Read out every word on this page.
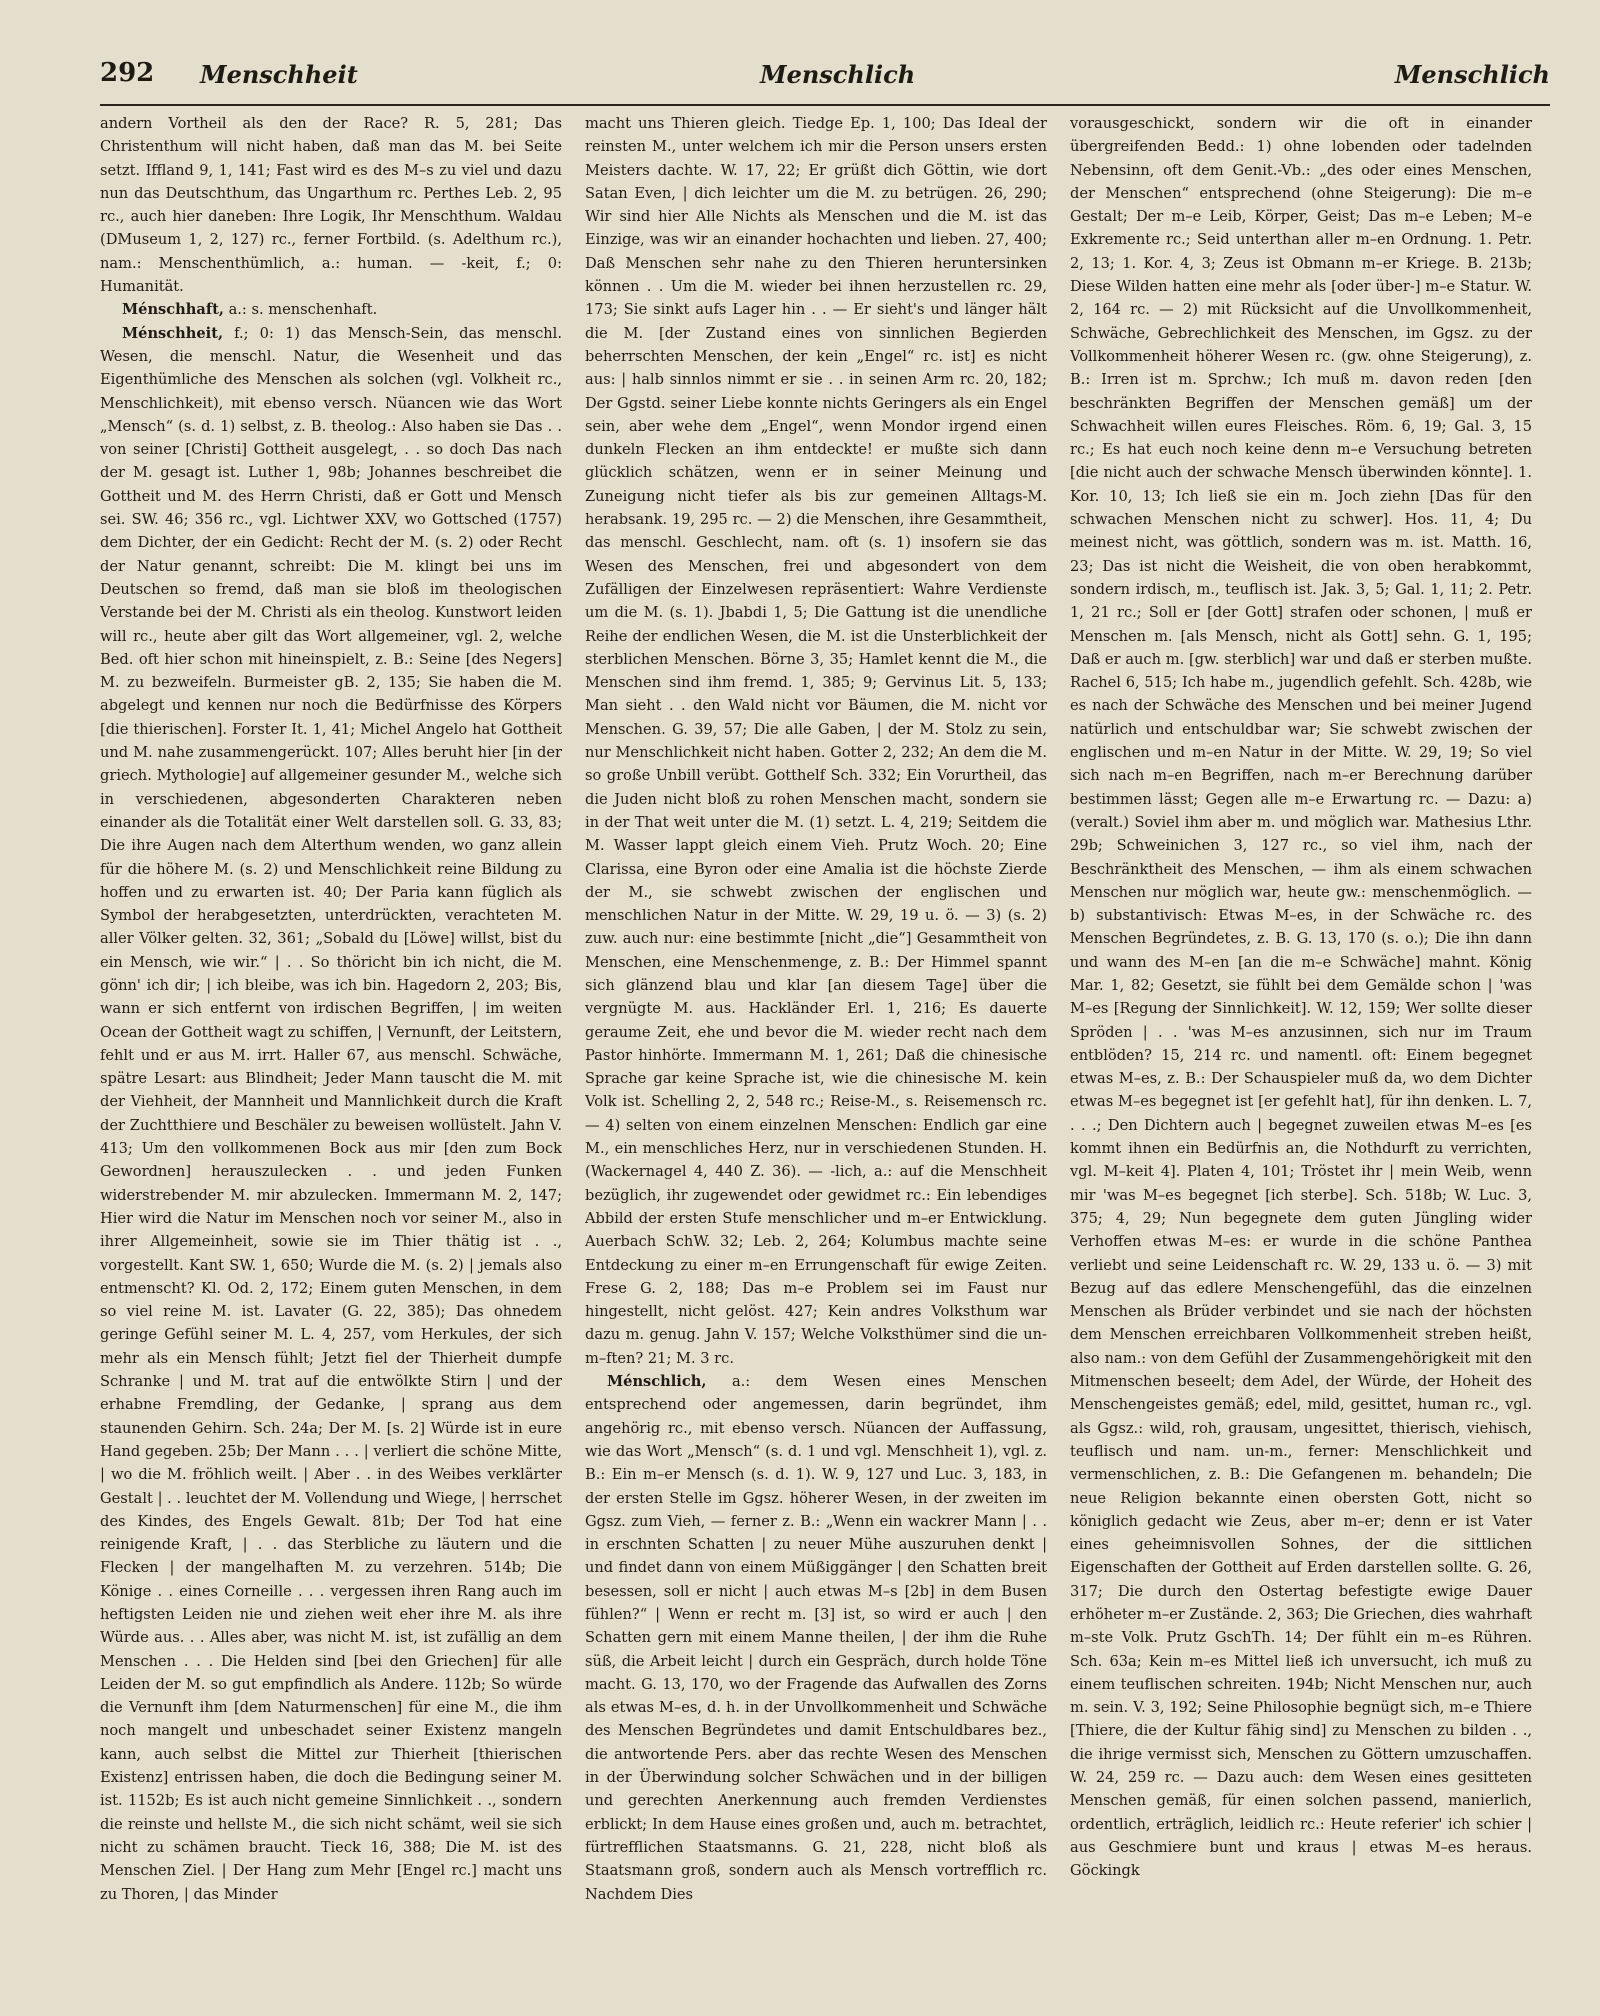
292 Menschheit	Menschlich	Menschlich

andern Vortheil als den der Race? R. 5, 281; Das Christenthum will nicht haben, daß man das M. bei Seite setzt. Iffland 9, 1, 141; Fast wird es des M–s zu viel und dazu nun das Deutschthum, das Ungarthum rc. Perthes Leb. 2, 95 rc., auch hier daneben: Ihre Logik, Ihr Menschthum. Waldau (DMuseum 1, 2, 127) rc., ferner Fortbild. (s. Adelthum rc.), nam.: Menschenthümlich, a.: human. — -keit, f.; 0: Humanität.

Ménschhaft, a.: s. menschenhaft.

Ménschheit, f.; 0: 1) das Mensch-Sein, das menschl. Wesen, die menschl. Natur, die Wesenheit und das Eigenthümliche des Menschen als solchen (vgl. Volkheit rc., Menschlichkeit), mit ebenso versch. Nüancen wie das Wort „Mensch“ (s. d. 1) selbst, z. B. theolog.: Also haben sie Das . . von seiner [Christi] Gottheit ausgelegt, . . so doch Das nach der M. gesagt ist. Luther 1, 98b; Johannes beschreibet die Gottheit und M. des Herrn Christi, daß er Gott und Mensch sei. SW. 46; 356 rc., vgl. Lichtwer XXV, wo Gottsched (1757) dem Dichter, der ein Gedicht: Recht der M. (s. 2) oder Recht der Natur genannt, schreibt: Die M. klingt bei uns im Deutschen so fremd, daß man sie bloß im theologischen Verstande bei der M. Christi als ein theolog. Kunstwort leiden will rc., heute aber gilt das Wort allgemeiner, vgl. 2, welche Bed. oft hier schon mit hineinspielt, z. B.: Seine [des Negers] M. zu bezweifeln. Burmeister gB. 2, 135; Sie haben die M. abgelegt und kennen nur noch die Bedürfnisse des Körpers [die thierischen]. Forster It. 1, 41; Michel Angelo hat Gottheit und M. nahe zusammengerückt. 107; Alles beruht hier [in der griech. Mythologie] auf allgemeiner gesunder M., welche sich in verschiedenen, abgesonderten Charakteren neben einander als die Totalität einer Welt darstellen soll. G. 33, 83; Die ihre Augen nach dem Alterthum wenden, wo ganz allein für die höhere M. (s. 2) und Menschlichkeit reine Bildung zu hoffen und zu erwarten ist. 40; Der Paria kann füglich als Symbol der herabgesetzten, unterdrückten, verachteten M. aller Völker gelten. 32, 361; „Sobald du [Löwe] willst, bist du ein Mensch, wie wir.“ | . . So thöricht bin ich nicht, die M. gönn' ich dir; | ich bleibe, was ich bin. Hagedorn 2, 203; Bis, wann er sich entfernt von irdischen Begriffen, | im weiten Ocean der Gottheit wagt zu schiffen, | Vernunft, der Leitstern, fehlt und er aus M. irrt. Haller 67, aus menschl. Schwäche, spätre Lesart: aus Blindheit; Jeder Mann tauscht die M. mit der Viehheit, der Mannheit und Mannlichkeit durch die Kraft der Zuchtthiere und Beschäler zu beweisen wollüstelt. Jahn V. 413; Um den vollkommenen Bock aus mir [den zum Bock Gewordnen] herauszulecken . . und jeden Funken widerstrebender M. mir abzulecken. Immermann M. 2, 147; Hier wird die Natur im Menschen noch vor seiner M., also in ihrer Allgemeinheit, sowie sie im Thier thätig ist . ., vorgestellt. Kant SW. 1, 650; Wurde die M. (s. 2) | jemals also entmenscht? Kl. Od. 2, 172; Einem guten Menschen, in dem so viel reine M. ist. Lavater (G. 22, 385); Das ohnedem geringe Gefühl seiner M. L. 4, 257, vom Herkules, der sich mehr als ein Mensch fühlt; Jetzt fiel der Thierheit dumpfe Schranke | und M. trat auf die entwölkte Stirn | und der erhabne Fremdling, der Gedanke, | sprang aus dem staunenden Gehirn. Sch. 24a; Der M. [s. 2] Würde ist in eure Hand gegeben. 25b; Der Mann . . . | verliert die schöne Mitte, | wo die M. fröhlich weilt. | Aber . . in des Weibes verklärter Gestalt | . . leuchtet der M. Vollendung und Wiege, | herrschet des Kindes, des Engels Gewalt. 81b; Der Tod hat eine reinigende Kraft, | . . das Sterbliche zu läutern und die Flecken | der mangelhaften M. zu verzehren. 514b; Die Könige . . eines Corneille . . . vergessen ihren Rang auch im heftigsten Leiden nie und ziehen weit eher ihre M. als ihre Würde aus. . . Alles aber, was nicht M. ist, ist zufällig an dem Menschen . . . Die Helden sind [bei den Griechen] für alle Leiden der M. so gut empfindlich als Andere. 112b; So würde die Vernunft ihm [dem Naturmenschen] für eine M., die ihm noch mangelt und unbeschadet seiner Existenz mangeln kann, auch selbst die Mittel zur Thierheit [thierischen Existenz] entrissen haben, die doch die Bedingung seiner M. ist. 1152b; Es ist auch nicht gemeine Sinnlichkeit . ., sondern die reinste und hellste M., die sich nicht schämt, weil sie sich nicht zu schämen braucht. Tieck 16, 388; Die M. ist des Menschen Ziel. | Der Hang zum Mehr [Engel rc.] macht uns zu Thoren, | das Minder

macht uns Thieren gleich. Tiedge Ep. 1, 100; Das Ideal der reinsten M., unter welchem ich mir die Person unsers ersten Meisters dachte. W. 17, 22; Er grüßt dich Göttin, wie dort Satan Even, | dich leichter um die M. zu betrügen. 26, 290; Wir sind hier Alle Nichts als Menschen und die M. ist das Einzige, was wir an einander hochachten und lieben. 27, 400; Daß Menschen sehr nahe zu den Thieren heruntersinken können . . Um die M. wieder bei ihnen herzustellen rc. 29, 173; Sie sinkt aufs Lager hin . . — Er sieht's und länger hält die M. [der Zustand eines von sinnlichen Begierden beherrschten Menschen, der kein „Engel“ rc. ist] es nicht aus: | halb sinnlos nimmt er sie . . in seinen Arm rc. 20, 182; Der Ggstd. seiner Liebe konnte nichts Geringers als ein Engel sein, aber wehe dem „Engel“, wenn Mondor irgend einen dunkeln Flecken an ihm entdeckte! er mußte sich dann glücklich schätzen, wenn er in seiner Meinung und Zuneigung nicht tiefer als bis zur gemeinen Alltags-M. herabsank. 19, 295 rc. — 2) die Menschen, ihre Gesammtheit, das menschl. Geschlecht, nam. oft (s. 1) insofern sie das Wesen des Menschen, frei und abgesondert von dem Zufälligen der Einzelwesen repräsentiert: Wahre Verdienste um die M. (s. 1). Jbabdi 1, 5; Die Gattung ist die unendliche Reihe der endlichen Wesen, die M. ist die Unsterblichkeit der sterblichen Menschen. Börne 3, 35; Hamlet kennt die M., die Menschen sind ihm fremd. 1, 385; 9; Gervinus Lit. 5, 133; Man sieht . . den Wald nicht vor Bäumen, die M. nicht vor Menschen. G. 39, 57; Die alle Gaben, | der M. Stolz zu sein, nur Menschlichkeit nicht haben. Gotter 2, 232; An dem die M. so große Unbill verübt. Gotthelf Sch. 332; Ein Vorurtheil, das die Juden nicht bloß zu rohen Menschen macht, sondern sie in der That weit unter die M. (1) setzt. L. 4, 219; Seitdem die M. Wasser lappt gleich einem Vieh. Prutz Woch. 20; Eine Clarissa, eine Byron oder eine Amalia ist die höchste Zierde der M., sie schwebt zwischen der englischen und menschlichen Natur in der Mitte. W. 29, 19 u. ö. — 3) (s. 2) zuw. auch nur: eine bestimmte [nicht „die“] Gesammtheit von Menschen, eine Menschenmenge, z. B.: Der Himmel spannt sich glänzend blau und klar [an diesem Tage] über die vergnügte M. aus. Hackländer Erl. 1, 216; Es dauerte geraume Zeit, ehe und bevor die M. wieder recht nach dem Pastor hinhörte. Immermann M. 1, 261; Daß die chinesische Sprache gar keine Sprache ist, wie die chinesische M. kein Volk ist. Schelling 2, 2, 548 rc.; Reise-M., s. Reisemensch rc. — 4) selten von einem einzelnen Menschen: Endlich gar eine M., ein menschliches Herz, nur in verschiedenen Stunden. H. (Wackernagel 4, 440 Z. 36). — -lich, a.: auf die Menschheit bezüglich, ihr zugewendet oder gewidmet rc.: Ein lebendiges Abbild der ersten Stufe menschlicher und m–er Entwicklung. Auerbach SchW. 32; Leb. 2, 264; Kolumbus machte seine Entdeckung zu einer m–en Errungenschaft für ewige Zeiten. Frese G. 2, 188; Das m–e Problem sei im Faust nur hingestellt, nicht gelöst. 427; Kein andres Volksthum war dazu m. genug. Jahn V. 157; Welche Volksthümer sind die un-m–ften? 21; M. 3 rc.

Ménschlich, a.: dem Wesen eines Menschen entsprechend oder angemessen, darin begründet, ihm angehörig rc., mit ebenso versch. Nüancen der Auffassung, wie das Wort „Mensch“ (s. d. 1 und vgl. Menschheit 1), vgl. z. B.: Ein m–er Mensch (s. d. 1). W. 9, 127 und Luc. 3, 183, in der ersten Stelle im Ggsz. höherer Wesen, in der zweiten im Ggsz. zum Vieh, — ferner z. B.: „Wenn ein wackrer Mann | . . in erschnten Schatten | zu neuer Mühe auszuruhen denkt | und findet dann von einem Müßiggänger | den Schatten breit besessen, soll er nicht | auch etwas M–s [2b] in dem Busen fühlen?“ | Wenn er recht m. [3] ist, so wird er auch | den Schatten gern mit einem Manne theilen, | der ihm die Ruhe süß, die Arbeit leicht | durch ein Gespräch, durch holde Töne macht. G. 13, 170, wo der Fragende das Aufwallen des Zorns als etwas M–es, d. h. in der Unvollkommenheit und Schwäche des Menschen Begründetes und damit Entschuldbares bez., die antwortende Pers. aber das rechte Wesen des Menschen in der Überwindung solcher Schwächen und in der billigen und gerechten Anerkennung auch fremden Verdienstes erblickt; In dem Hause eines großen und, auch m. betrachtet, fürtrefflichen Staatsmanns. G. 21, 228, nicht bloß als Staatsmann groß, sondern auch als Mensch vortrefflich rc. Nachdem Dies

vorausgeschickt, sondern wir die oft in einander übergreifenden Bedd.: 1) ohne lobenden oder tadelnden Nebensinn, oft dem Genit.-Vb.: „des oder eines Menschen, der Menschen“ entsprechend (ohne Steigerung): Die m–e Gestalt; Der m–e Leib, Körper, Geist; Das m–e Leben; M–e Exkremente rc.; Seid unterthan aller m–en Ordnung. 1. Petr. 2, 13; 1. Kor. 4, 3; Zeus ist Obmann m–er Kriege. B. 213b; Diese Wilden hatten eine mehr als [oder über-] m–e Statur. W. 2, 164 rc. — 2) mit Rücksicht auf die Unvollkommenheit, Schwäche, Gebrechlichkeit des Menschen, im Ggsz. zu der Vollkommenheit höherer Wesen rc. (gw. ohne Steigerung), z. B.: Irren ist m. Sprchw.; Ich muß m. davon reden [den beschränkten Begriffen der Menschen gemäß] um der Schwachheit willen eures Fleisches. Röm. 6, 19; Gal. 3, 15 rc.; Es hat euch noch keine denn m–e Versuchung betreten [die nicht auch der schwache Mensch überwinden könnte]. 1. Kor. 10, 13; Ich ließ sie ein m. Joch ziehn [Das für den schwachen Menschen nicht zu schwer]. Hos. 11, 4; Du meinest nicht, was göttlich, sondern was m. ist. Matth. 16, 23; Das ist nicht die Weisheit, die von oben herabkommt, sondern irdisch, m., teuflisch ist. Jak. 3, 5; Gal. 1, 11; 2. Petr. 1, 21 rc.; Soll er [der Gott] strafen oder schonen, | muß er Menschen m. [als Mensch, nicht als Gott] sehn. G. 1, 195; Daß er auch m. [gw. sterblich] war und daß er sterben mußte. Rachel 6, 515; Ich habe m., jugendlich gefehlt. Sch. 428b, wie es nach der Schwäche des Menschen und bei meiner Jugend natürlich und entschuldbar war; Sie schwebt zwischen der englischen und m–en Natur in der Mitte. W. 29, 19; So viel sich nach m–en Begriffen, nach m–er Berechnung darüber bestimmen lässt; Gegen alle m–e Erwartung rc. — Dazu: a) (veralt.) Soviel ihm aber m. und möglich war. Mathesius Lthr. 29b; Schweinichen 3, 127 rc., so viel ihm, nach der Beschränktheit des Menschen, — ihm als einem schwachen Menschen nur möglich war, heute gw.: menschenmöglich. — b) substantivisch: Etwas M–es, in der Schwäche rc. des Menschen Begründetes, z. B. G. 13, 170 (s. o.); Die ihn dann und wann des M–en [an die m–e Schwäche] mahnt. König Mar. 1, 82; Gesetzt, sie fühlt bei dem Gemälde schon | 'was M–es [Regung der Sinnlichkeit]. W. 12, 159; Wer sollte dieser Spröden | . . 'was M–es anzusinnen, sich nur im Traum entblöden? 15, 214 rc. und namentl. oft: Einem begegnet etwas M–es, z. B.: Der Schauspieler muß da, wo dem Dichter etwas M–es begegnet ist [er gefehlt hat], für ihn denken. L. 7, . . .; Den Dichtern auch | begegnet zuweilen etwas M–es [es kommt ihnen ein Bedürfnis an, die Nothdurft zu verrichten, vgl. M–keit 4]. Platen 4, 101; Tröstet ihr | mein Weib, wenn mir 'was M–es begegnet [ich sterbe]. Sch. 518b; W. Luc. 3, 375; 4, 29; Nun begegnete dem guten Jüngling wider Verhoffen etwas M–es: er wurde in die schöne Panthea verliebt und seine Leidenschaft rc. W. 29, 133 u. ö. — 3) mit Bezug auf das edlere Menschengefühl, das die einzelnen Menschen als Brüder verbindet und sie nach der höchsten dem Menschen erreichbaren Vollkommenheit streben heißt, also nam.: von dem Gefühl der Zusammengehörigkeit mit den Mitmenschen beseelt; dem Adel, der Würde, der Hoheit des Menschengeistes gemäß; edel, mild, gesittet, human rc., vgl. als Ggsz.: wild, roh, grausam, ungesittet, thierisch, viehisch, teuflisch und nam. un-m., ferner: Menschlichkeit und vermenschlichen, z. B.: Die Gefangenen m. behandeln; Die neue Religion bekannte einen obersten Gott, nicht so königlich gedacht wie Zeus, aber m–er; denn er ist Vater eines geheimnisvollen Sohnes, der die sittlichen Eigenschaften der Gottheit auf Erden darstellen sollte. G. 26, 317; Die durch den Ostertag befestigte ewige Dauer erhöheter m–er Zustände. 2, 363; Die Griechen, dies wahrhaft m–ste Volk. Prutz GschTh. 14; Der fühlt ein m–es Rühren. Sch. 63a; Kein m–es Mittel ließ ich unversucht, ich muß zu einem teuflischen schreiten. 194b; Nicht Menschen nur, auch m. sein. V. 3, 192; Seine Philosophie begnügt sich, m–e Thiere [Thiere, die der Kultur fähig sind] zu Menschen zu bilden . ., die ihrige vermisst sich, Menschen zu Göttern umzuschaffen. W. 24, 259 rc. — Dazu auch: dem Wesen eines gesitteten Menschen gemäß, für einen solchen passend, manierlich, ordentlich, erträglich, leidlich rc.: Heute referier' ich schier | aus Geschmiere bunt und kraus | etwas M–es heraus. Göckingk
